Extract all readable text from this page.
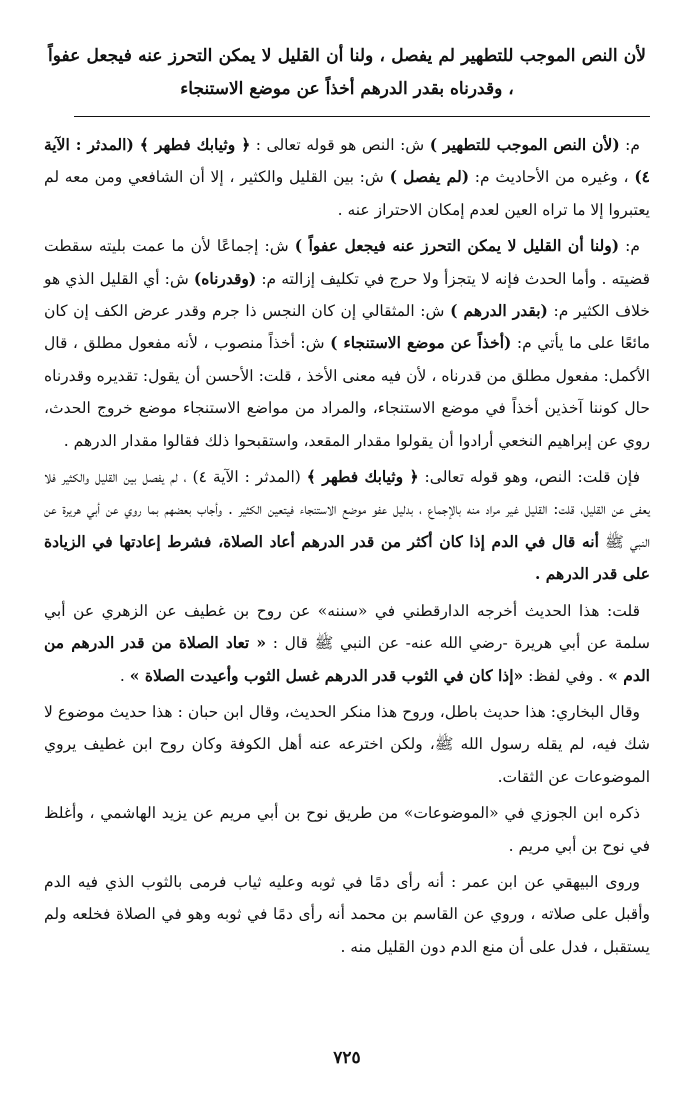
لأن النص الموجب للتطهير لم يفصل ، ولنا أن القليل لا يمكن التحرز عنه فيجعل عفواً ، وقدرناه بقدر الدرهم أخذاً عن موضع الاستنجاء

م: (لأن النص الموجب للتطهير ) ش: النص هو قوله تعالى : ﴿ وثيابك فطهر ﴾ (المدثر : الآية ٤) ، وغيره من الأحاديث م: (لم يفصل ) ش: بين القليل والكثير ، إلا أن الشافعي ومن معه لم يعتبروا إلا ما تراه العين لعدم إمكان الاحتراز عنه .

م: (ولنا أن القليل لا يمكن التحرز عنه فيجعل عفواً ) ش: إجماعًا لأن ما عمت بليته سقطت قضيته . وأما الحدث فإنه لا يتجزأ ولا حرج في تكليف إزالته م: (وقدرناه) ش: أي القليل الذي هو خلاف الكثير م: (بقدر الدرهم ) ش: المثقالي إن كان النجس ذا جرم وقدر عرض الكف إن كان مائعًا على ما يأتي م: (أخذاً عن موضع الاستنجاء ) ش: أخذاً منصوب ، لأنه مفعول مطلق ، قال الأكمل: مفعول مطلق من قدرناه ، لأن فيه معنى الأخذ ، قلت: الأحسن أن يقول: تقديره وقدرناه حال كوننا آخذين أخذاً في موضع الاستنجاء، والمراد من مواضع الاستنجاء موضع خروج الحدث، روي عن إبراهيم النخعي أرادوا أن يقولوا مقدار المقعد، واستقبحوا ذلك فقالوا مقدار الدرهم .

فإن قلت: النص، وهو قوله تعالى: ﴿ وثيابك فطهر ﴾ (المدثر : الآية ٤) ، لم يفصل بين القليل والكثير فلا يعفى عن القليل، قلت: القليل غير مراد منه بالإجماع ، بدليل عفو موضع الاستنجاء فيتعين الكثير . وأجاب بعضهم بما روي عن أبي هريرة عن النبي ﷺ أنه قال في الدم إذا كان أكثر من قدر الدرهم أعاد الصلاة، فشرط إعادتها في الزيادة على قدر الدرهم .

قلت: هذا الحديث أخرجه الدارقطني في «سننه» عن روح بن غطيف عن الزهري عن أبي سلمة عن أبي هريرة -رضي الله عنه- عن النبي ﷺ قال : « تعاد الصلاة من قدر الدرهم من الدم » . وفي لفظ: «إذا كان في الثوب قدر الدرهم غسل الثوب وأعيدت الصلاة » .

وقال البخاري: هذا حديث باطل، وروح هذا منكر الحديث، وقال ابن حبان : هذا حديث موضوع لا شك فيه، لم يقله رسول الله ﷺ، ولكن اخترعه عنه أهل الكوفة وكان روح ابن غطيف يروي الموضوعات عن الثقات.

ذكره ابن الجوزي في «الموضوعات» من طريق نوح بن أبي مريم عن يزيد الهاشمي ، وأغلظ في نوح بن أبي مريم .

وروى البيهقي عن ابن عمر : أنه رأى دمًا في ثوبه وعليه ثياب فرمى بالثوب الذي فيه الدم وأقبل على صلاته ، وروي عن القاسم بن محمد أنه رأى دمًا في ثوبه وهو في الصلاة فخلعه ولم يستقبل ، فدل على أن منع الدم دون القليل منه .

٧٢٥
